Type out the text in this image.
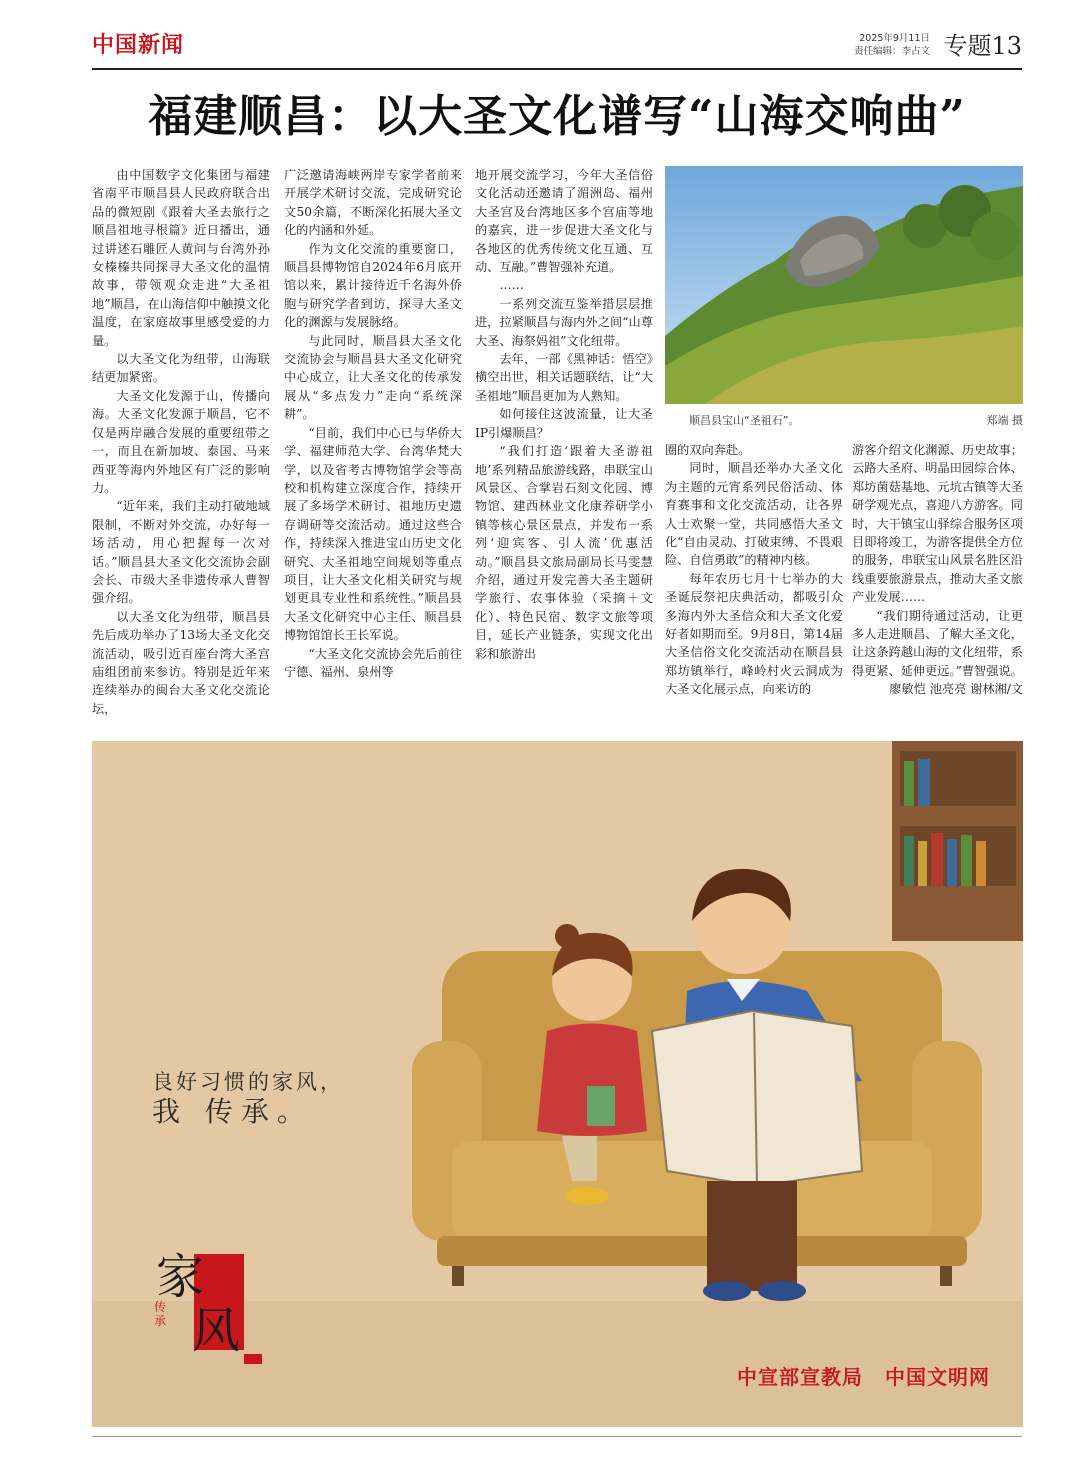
中国新闻	2025年9月11日
责任编辑：李占文 专题13
福建顺昌：以大圣文化谱写“山海交响曲”

由中国数字文化集团与福建省南平市顺昌县人民政府联合出品的微短剧《跟着大圣去旅行之顺昌祖地寻根篇》近日播出，通过讲述石雕匠人黄问与台湾外孙女榛榛共同探寻大圣文化的温情故事，带领观众走进“大圣祖地”顺昌，在山海信仰中触摸文化温度，在家庭故事里感受爱的力量。

以大圣文化为纽带，山海联结更加紧密。

大圣文化发源于山，传播向海。大圣文化发源于顺昌，它不仅是两岸融合发展的重要纽带之一，而且在新加坡、泰国、马来西亚等海内外地区有广泛的影响力。

“近年来，我们主动打破地域限制，不断对外交流，办好每一场活动，用心把握每一次对话。”顺昌县大圣文化交流协会副会长、市级大圣非遗传承人曹智强介绍。

以大圣文化为纽带，顺昌县先后成功举办了13场大圣文化交流活动，吸引近百座台湾大圣宫庙组团前来参访。特别是近年来连续举办的闽台大圣文化交流论坛，

广泛邀请海峡两岸专家学者前来开展学术研讨交流，完成研究论文50余篇，不断深化拓展大圣文化的内涵和外延。

作为文化交流的重要窗口，顺昌县博物馆自2024年6月底开馆以来，累计接待近千名海外侨胞与研究学者到访，探寻大圣文化的渊源与发展脉络。

与此同时，顺昌县大圣文化交流协会与顺昌县大圣文化研究中心成立，让大圣文化的传承发展从“多点发力”走向“系统深耕”。

“目前，我们中心已与华侨大学、福建师范大学、台湾华梵大学，以及省考古博物馆学会等高校和机构建立深度合作，持续开展了多场学术研讨、祖地历史遗存调研等交流活动。通过这些合作，持续深入推进宝山历史文化研究、大圣祖地空间规划等重点项目，让大圣文化相关研究与规划更具专业性和系统性。”顺昌县大圣文化研究中心主任、顺昌县博物馆馆长王长军说。

“大圣文化交流协会先后前往宁德、福州、泉州等

地开展交流学习，今年大圣信俗文化活动还邀请了湄洲岛、福州大圣宫及台湾地区多个宫庙等地的嘉宾，进一步促进大圣文化与各地区的优秀传统文化互通、互动、互融。”曹智强补充道。

……

一系列交流互鉴举措层层推进，拉紧顺昌与海内外之间“山尊大圣、海祭妈祖”文化纽带。

去年，一部《黑神话：悟空》横空出世，相关话题联结，让“大圣祖地”顺昌更加为人熟知。

如何接住这波流量，让大圣IP引爆顺昌？

“我们打造‘跟着大圣游祖地’系列精品旅游线路，串联宝山风景区、合掌岩石刻文化园、博物馆、建西林业文化康养研学小镇等核心景区景点，并发布一系列‘迎宾客、引人流’优惠活动。”顺昌县文旅局副局长马雯慧介绍，通过开发完善大圣主题研学旅行、农事体验（采摘＋文化）、特色民宿、数字文旅等项目，延长产业链条，实现文化出彩和旅游出

圈的双向奔赴。

同时，顺昌还举办大圣文化为主题的元宵系列民俗活动、体育赛事和文化交流活动，让各界人士欢聚一堂，共同感悟大圣文化“自由灵动、打破束缚、不畏艰险、自信勇敢”的精神内核。

每年农历七月十七举办的大圣诞辰祭祀庆典活动，都吸引众多海内外大圣信众和大圣文化爱好者如期而至。9月8日，第14届大圣信俗文化交流活动在顺昌县郑坊镇举行，峰岭村火云洞成为大圣文化展示点，向来访的

游客介绍文化渊源、历史故事；云路大圣府、明晶田园综合体、郑坊菌菇基地、元坑古镇等大圣研学观光点，喜迎八方游客。同时，大干镇宝山驿综合服务区项目即将竣工，为游客提供全方位的服务，串联宝山风景名胜区沿线重要旅游景点，推动大圣文旅产业发展……

“我们期待通过活动，让更多人走进顺昌、了解大圣文化，让这条跨越山海的文化纽带，系得更紧、延伸更远。”曹智强说。

廖敏恺 池亮亮 谢林湘/文

顺昌县宝山“圣祖石”。	郑端 摄
良好习惯的家风，
我 传承。
家
风
传承
中宣部宣教局 中国文明网
